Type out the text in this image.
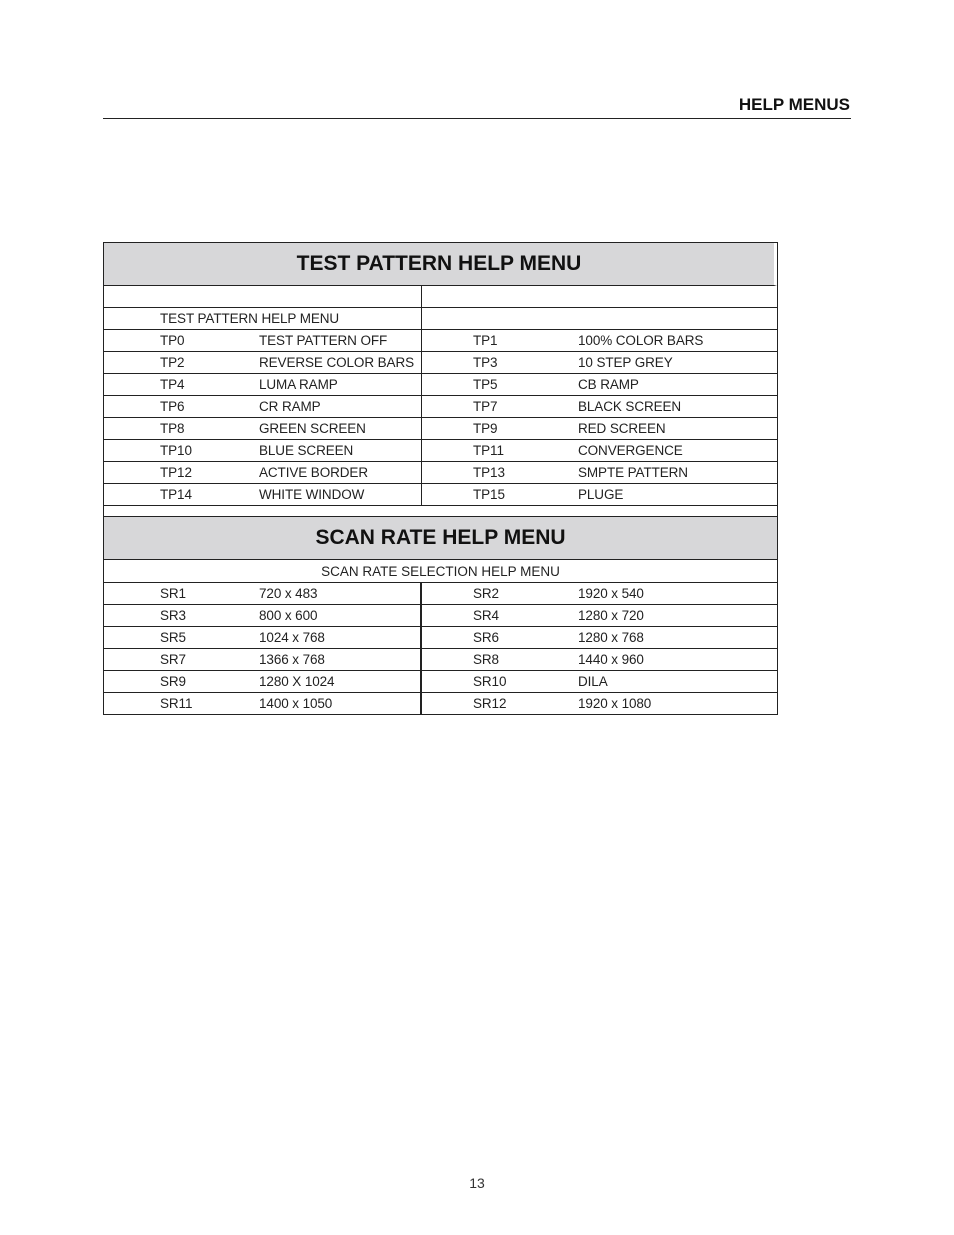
HELP MENUS
TEST PATTERN HELP MENU
TEST PATTERN HELP MENU
TP0	TEST PATTERN OFF	TP1	100% COLOR BARS
TP2	REVERSE COLOR BARS	TP3	10 STEP GREY
TP4	LUMA RAMP	TP5	CB RAMP
TP6	CR RAMP	TP7	BLACK SCREEN
TP8	GREEN SCREEN	TP9	RED SCREEN
TP10	BLUE SCREEN	TP11	CONVERGENCE
TP12	ACTIVE BORDER	TP13	SMPTE PATTERN
TP14	WHITE WINDOW	TP15	PLUGE
SCAN RATE HELP MENU
SCAN RATE SELECTION HELP MENU
SR1	720 x 483	SR2	1920 x 540
SR3	800 x 600	SR4	1280 x 720
SR5	1024 x 768	SR6	1280 x 768
SR7	1366 x 768	SR8	1440 x 960
SR9	1280 X 1024	SR10	DILA
SR11	1400 x 1050	SR12	1920 x 1080
13
